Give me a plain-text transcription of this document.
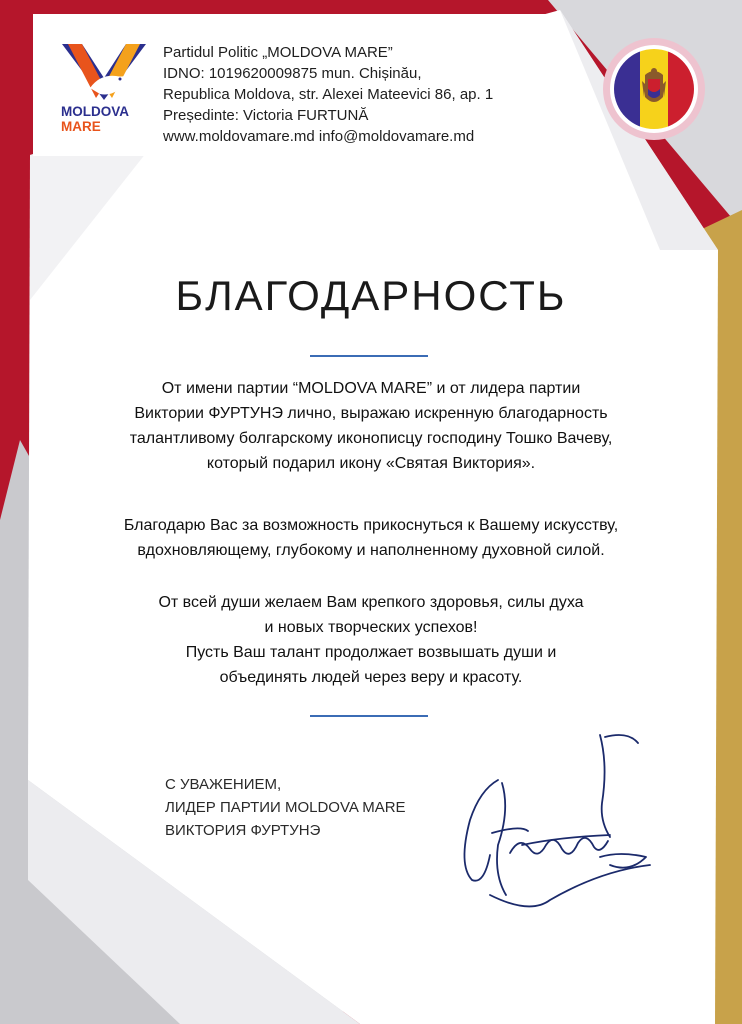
MOLDOVA
MARE
Partidul Politic „MOLDOVA MARE”
IDNO: 1019620009875 mun. Chișinău,
Republica Moldova, str. Alexei Mateevici 86, ap. 1
Președinte: Victoria FURTUNĂ
www.moldovamare.md info@moldovamare.md
БЛАГОДАРНОСТЬ
От имени партии “MOLDOVA MARE” и от лидера партии
Виктории ФУРТУНЭ лично, выражаю искренную благодарность
талантливому болгарскому иконописцу господину Тошко Вачеву,
который подарил икону «Святая Виктория».
Благодарю Вас за возможность прикоснуться к Вашему искусству,
вдохновляющему, глубокому и наполненному духовной силой.
От всей души желаем Вам крепкого здоровья, силы духа
и новых творческих успехов!
Пусть Ваш талант продолжает возвышать души и
объединять людей через веру и красоту.
С УВАЖЕНИЕМ,
ЛИДЕР ПАРТИИ MOLDOVA MARE
ВИКТОРИЯ ФУРТУНЭ
